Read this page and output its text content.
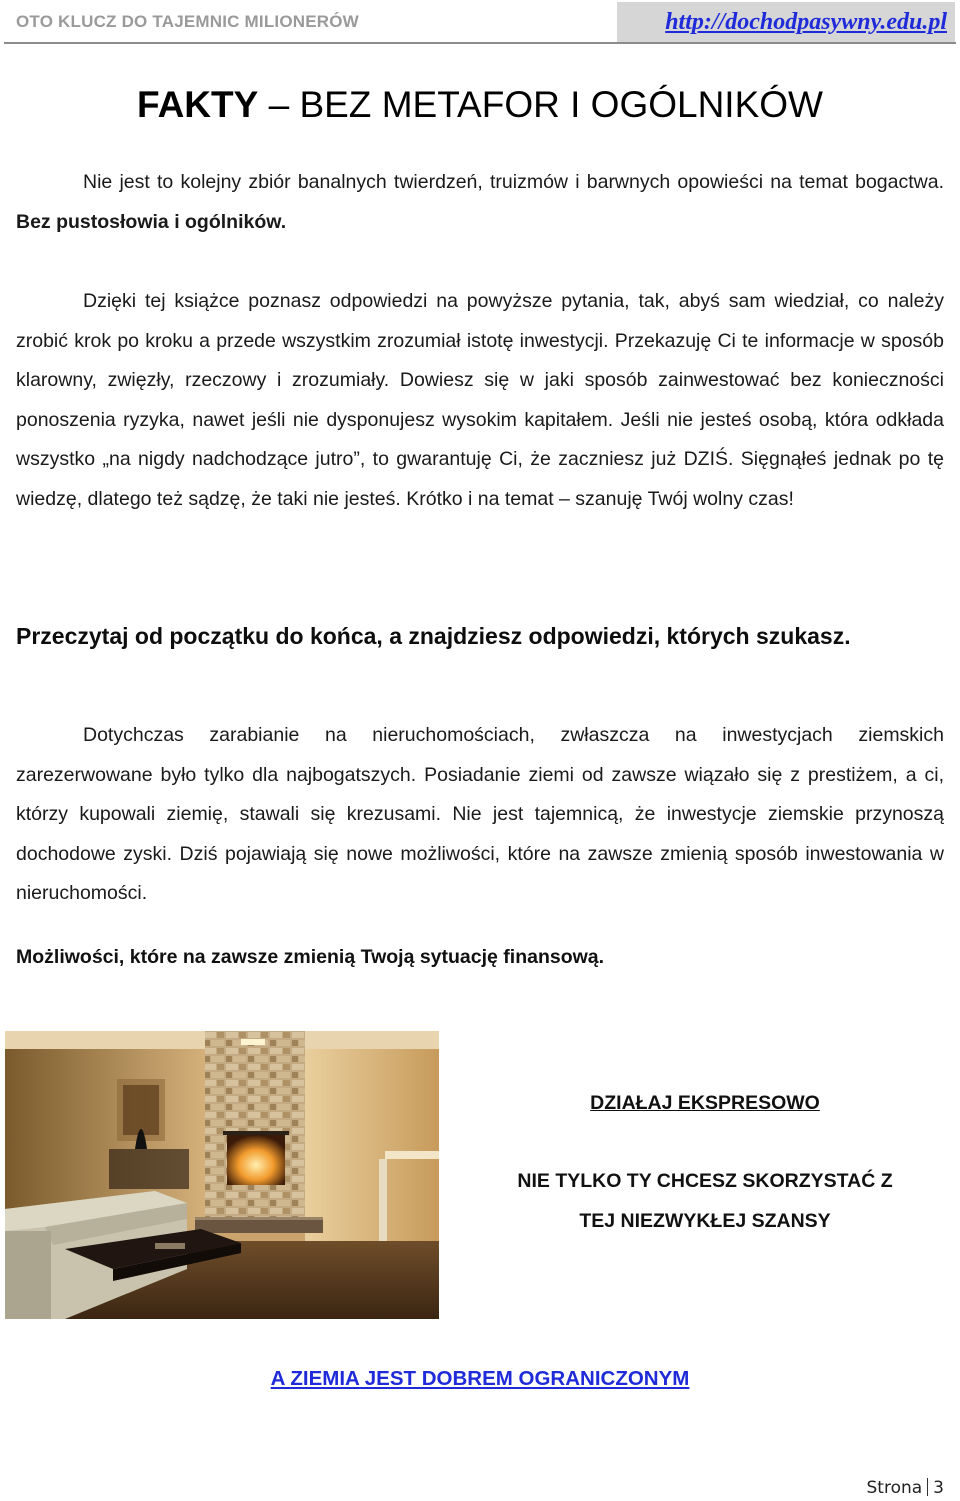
OTO KLUCZ DO TAJEMNIC MILIONERÓW	http://dochodpasywny.edu.pl
FAKTY – BEZ METAFOR I OGÓLNIKÓW

Nie jest to kolejny zbiór banalnych twierdzeń, truizmów i barwnych opowieści na temat bogactwa. Bez pustosłowia i ogólników.

Dzięki tej książce poznasz odpowiedzi na powyższe pytania, tak, abyś sam wiedział, co należy zrobić krok po kroku a przede wszystkim zrozumiał istotę inwestycji. Przekazuję Ci te informacje w sposób klarowny, zwięzły, rzeczowy i zrozumiały. Dowiesz się w jaki sposób zainwestować bez konieczności ponoszenia ryzyka, nawet jeśli nie dysponujesz wysokim kapitałem. Jeśli nie jesteś osobą, która odkłada wszystko „na nigdy nadchodzące jutro”, to gwarantuję Ci, że zaczniesz już DZIŚ. Sięgnąłeś jednak po tę wiedzę, dlatego też sądzę, że taki nie jesteś. Krótko i na temat – szanuję Twój wolny czas!

Przeczytaj od początku do końca, a znajdziesz odpowiedzi, których szukasz.

Dotychczas zarabianie na nieruchomościach, zwłaszcza na inwestycjach ziemskich zarezerwowane było tylko dla najbogatszych. Posiadanie ziemi od zawsze wiązało się z prestiżem, a ci, którzy kupowali ziemię, stawali się krezusami. Nie jest tajemnicą, że inwestycje ziemskie przynoszą dochodowe zyski. Dziś pojawiają się nowe możliwości, które na zawsze zmienią sposób inwestowania w nieruchomości.

Możliwości, które na zawsze zmienią Twoją sytuację finansową.

DZIAŁAJ EKSPRESOWO

NIE TYLKO TY CHCESZ SKORZYSTAĆ Z

TEJ NIEZWYKŁEJ SZANSY

A ZIEMIA JEST DOBREM OGRANICZONYM
Strona 3
